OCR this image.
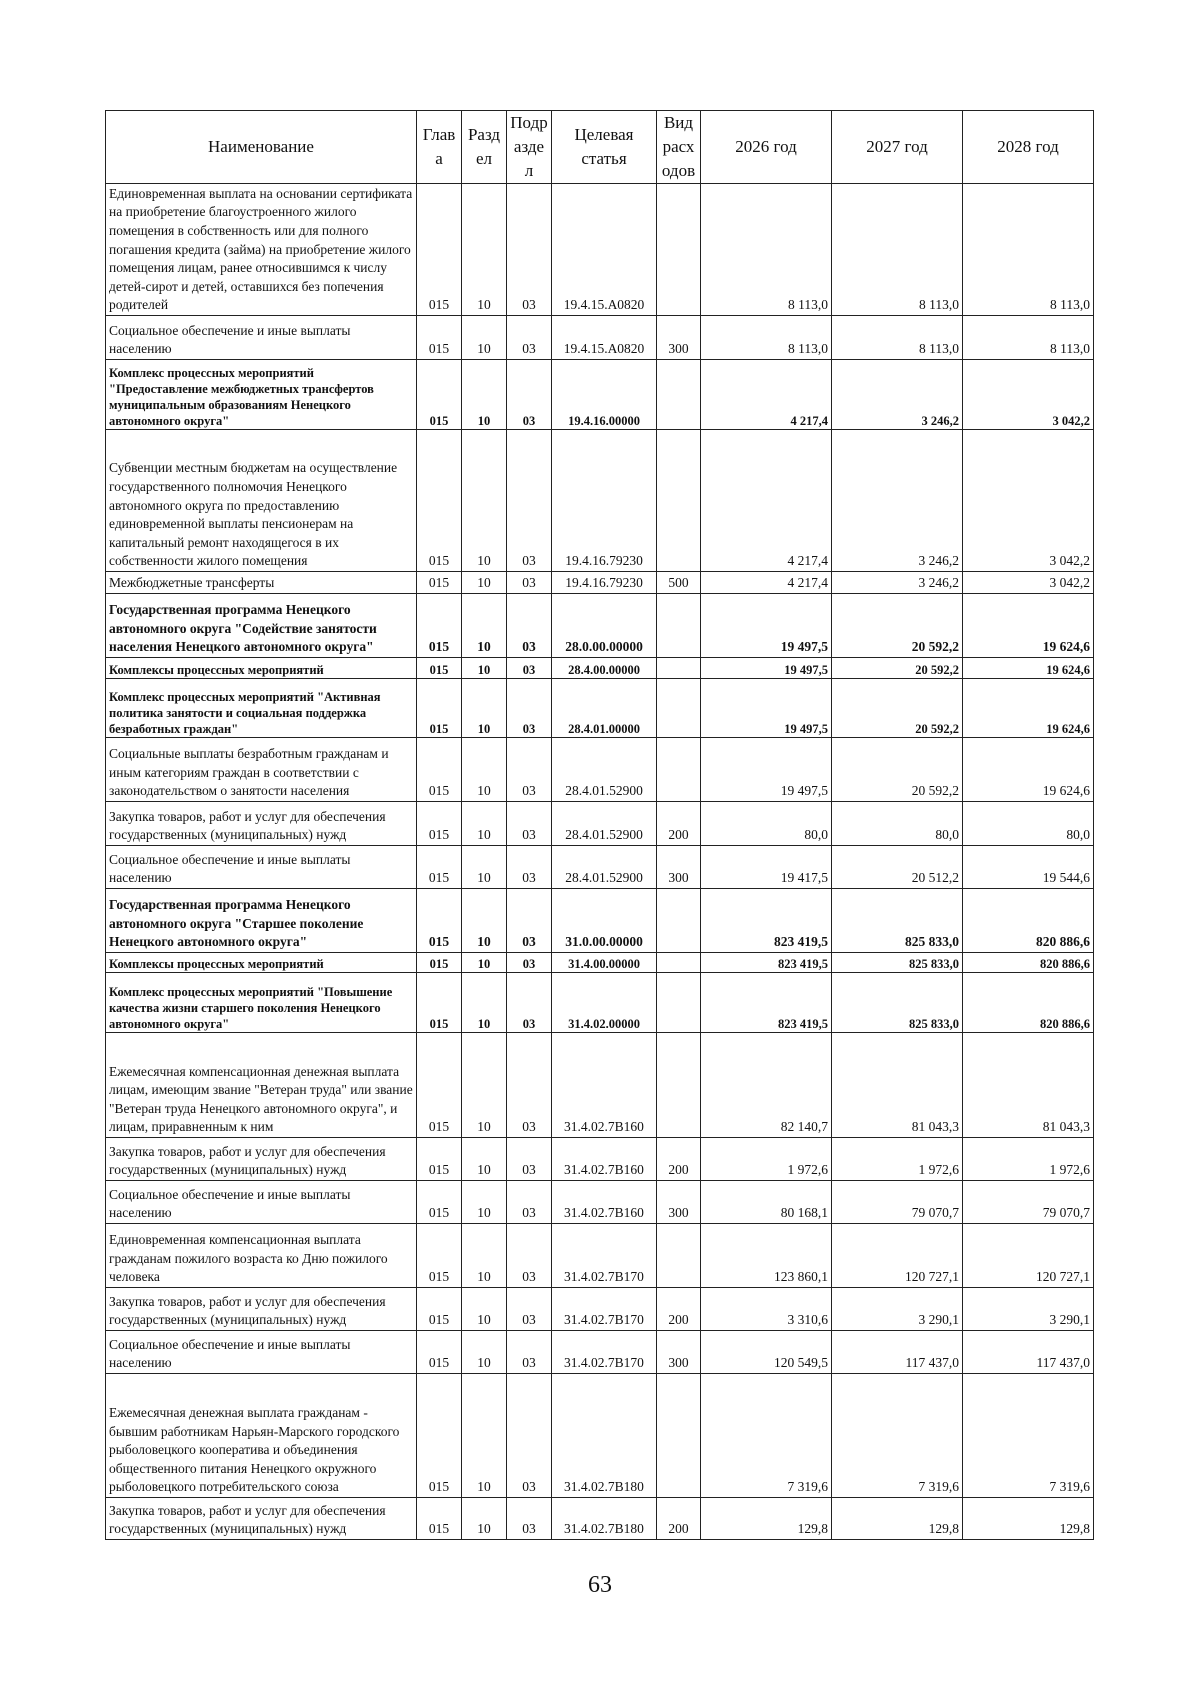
Наименование	Глав а	Разд ел	Подр азде л	Целевая статья	Вид расх одов	2026 год	2027 год	2028 год
Единовременная выплата на основании сертификата на приобретение благоустроенного жилого помещения в собственность или для полного погашения кредита (займа) на приобретение жилого помещения лицам, ранее относившимся к числу детей-сирот и детей, оставшихся без попечения родителей	015	10	03	19.4.15.A0820		8 113,0	8 113,0	8 113,0
Социальное обеспечение и иные выплаты населению	015	10	03	19.4.15.A0820	300	8 113,0	8 113,0	8 113,0
Комплекс процессных мероприятий "Предоставление межбюджетных трансфертов муниципальным образованиям Ненецкого автономного округа"	015	10	03	19.4.16.00000		4 217,4	3 246,2	3 042,2
Субвенции местным бюджетам на осуществление государственного полномочия Ненецкого автономного округа по предоставлению единовременной выплаты пенсионерам на капитальный ремонт находящегося в их собственности жилого помещения	015	10	03	19.4.16.79230		4 217,4	3 246,2	3 042,2
Межбюджетные трансферты	015	10	03	19.4.16.79230	500	4 217,4	3 246,2	3 042,2
Государственная программа Ненецкого автономного округа "Содействие занятости населения Ненецкого автономного округа"	015	10	03	28.0.00.00000		19 497,5	20 592,2	19 624,6
Комплексы процессных мероприятий	015	10	03	28.4.00.00000		19 497,5	20 592,2	19 624,6
Комплекс процессных мероприятий "Активная политика занятости и социальная поддержка безработных граждан"	015	10	03	28.4.01.00000		19 497,5	20 592,2	19 624,6
Социальные выплаты безработным гражданам и иным категориям граждан в соответствии с законодательством о занятости населения	015	10	03	28.4.01.52900		19 497,5	20 592,2	19 624,6
Закупка товаров, работ и услуг для обеспечения государственных (муниципальных) нужд	015	10	03	28.4.01.52900	200	80,0	80,0	80,0
Социальное обеспечение и иные выплаты населению	015	10	03	28.4.01.52900	300	19 417,5	20 512,2	19 544,6
Государственная программа Ненецкого автономного округа "Старшее поколение Ненецкого автономного округа"	015	10	03	31.0.00.00000		823 419,5	825 833,0	820 886,6
Комплексы процессных мероприятий	015	10	03	31.4.00.00000		823 419,5	825 833,0	820 886,6
Комплекс процессных мероприятий "Повышение качества жизни старшего поколения Ненецкого автономного округа"	015	10	03	31.4.02.00000		823 419,5	825 833,0	820 886,6
Ежемесячная компенсационная денежная выплата лицам, имеющим звание "Ветеран труда" или звание "Ветеран труда Ненецкого автономного округа", и лицам, приравненным к ним	015	10	03	31.4.02.7B160		82 140,7	81 043,3	81 043,3
Закупка товаров, работ и услуг для обеспечения государственных (муниципальных) нужд	015	10	03	31.4.02.7B160	200	1 972,6	1 972,6	1 972,6
Социальное обеспечение и иные выплаты населению	015	10	03	31.4.02.7B160	300	80 168,1	79 070,7	79 070,7
Единовременная компенсационная выплата гражданам пожилого возраста ко Дню пожилого человека	015	10	03	31.4.02.7B170		123 860,1	120 727,1	120 727,1
Закупка товаров, работ и услуг для обеспечения государственных (муниципальных) нужд	015	10	03	31.4.02.7B170	200	3 310,6	3 290,1	3 290,1
Социальное обеспечение и иные выплаты населению	015	10	03	31.4.02.7B170	300	120 549,5	117 437,0	117 437,0
Ежемесячная денежная выплата гражданам - бывшим работникам Нарьян-Марского городского рыболовецкого кооператива и объединения общественного питания Ненецкого окружного рыболовецкого потребительского союза	015	10	03	31.4.02.7B180		7 319,6	7 319,6	7 319,6
Закупка товаров, работ и услуг для обеспечения государственных (муниципальных) нужд	015	10	03	31.4.02.7B180	200	129,8	129,8	129,8
63
